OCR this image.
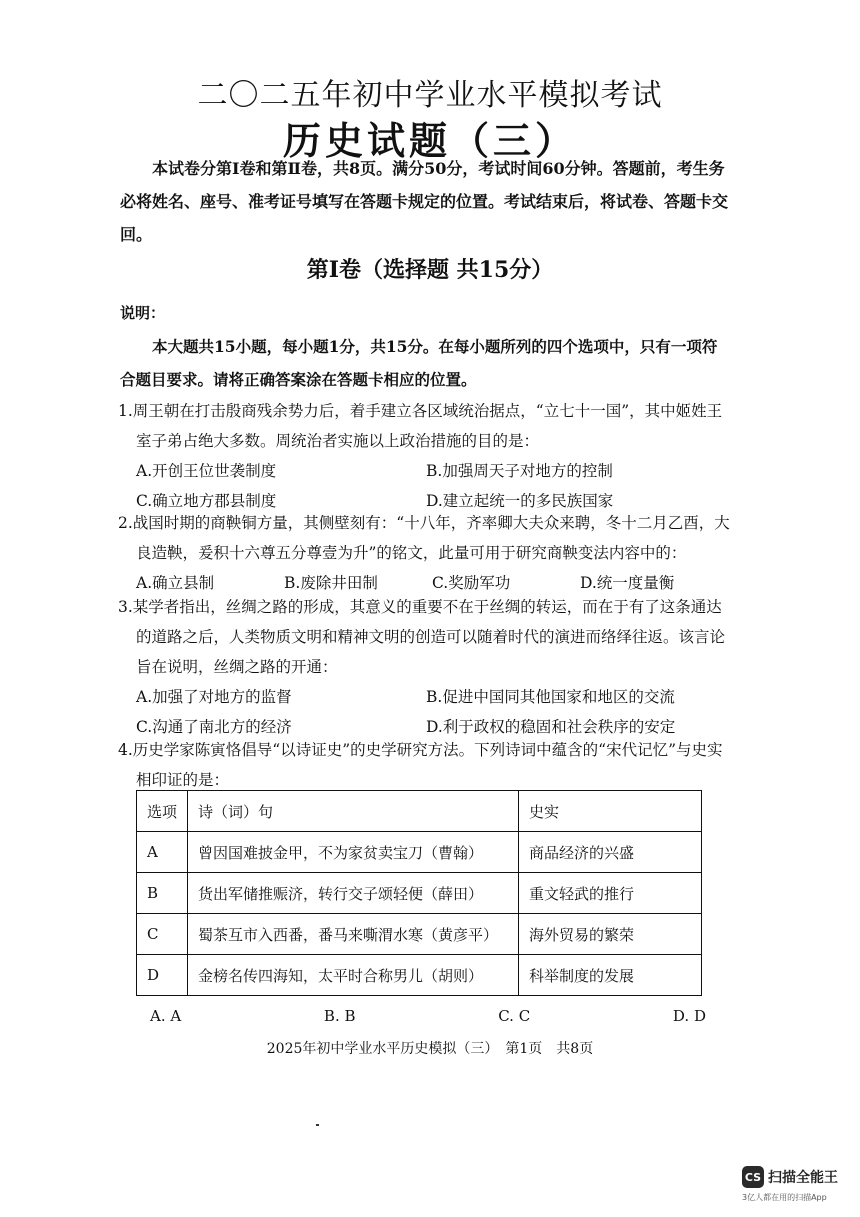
二〇二五年初中学业水平模拟考试
历史试题（三）
本试卷分第Ⅰ卷和第Ⅱ卷，共8页。满分50分，考试时间60分钟。答题前，考生务必将姓名、座号、准考证号填写在答题卡规定的位置。考试结束后，将试卷、答题卡交回。
第Ⅰ卷（选择题 共15分）
说明：
本大题共15小题，每小题1分，共15分。在每小题所列的四个选项中，只有一项符合题目要求。请将正确答案涂在答题卡相应的位置。
1.周王朝在打击殷商残余势力后，着手建立各区域统治据点，“立七十一国”，其中姬姓王室子弟占绝大多数。周统治者实施以上政治措施的目的是：
A.开创王位世袭制度	B.加强周天子对地方的控制
C.确立地方郡县制度	D.建立起统一的多民族国家
2.战国时期的商鞅铜方量，其侧壁刻有：“十八年，齐率卿大夫众来聘，冬十二月乙酉，大良造鞅，爰积十六尊五分尊壹为升”的铭文，此量可用于研究商鞅变法内容中的：
A.确立县制	B.废除井田制	C.奖励军功	D.统一度量衡
3.某学者指出，丝绸之路的形成，其意义的重要不在于丝绸的转运，而在于有了这条通达的道路之后，人类物质文明和精神文明的创造可以随着时代的演进而络绎往返。该言论旨在说明，丝绸之路的开通：
A.加强了对地方的监督	B.促进中国同其他国家和地区的交流
C.沟通了南北方的经济	D.利于政权的稳固和社会秩序的安定
4.历史学家陈寅恪倡导“以诗证史”的史学研究方法。下列诗词中蕴含的“宋代记忆”与史实相印证的是：
选项	诗（词）句	史实
A	曾因国难披金甲，不为家贫卖宝刀（曹翰）	商品经济的兴盛
B	货出军储推赈济，转行交子颂轻便（薛田）	重文轻武的推行
C	蜀茶互市入西番，番马来嘶渭水寒（黄彦平）	海外贸易的繁荣
D	金榜名传四海知，太平时合称男儿（胡则）	科举制度的发展
A. A	B. B	C. C	D. D
2025年初中学业水平历史模拟（三）　第1页　共8页
CS 扫描全能王
3亿人都在用的扫描App
